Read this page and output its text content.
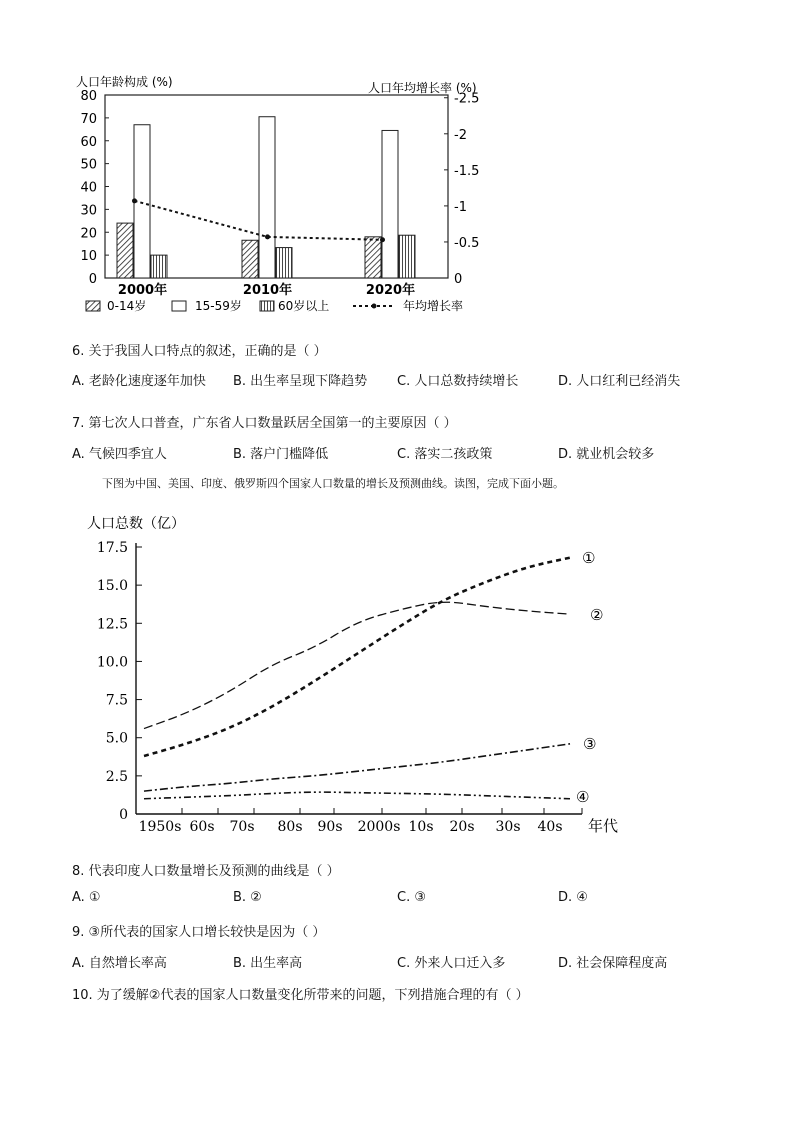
人口年龄构成 (%)	人口年均增长率 (%)
80
70
60
50
40
30
20
10
0
-2.5
-2
-1.5
-1
-0.5
0
2000年	2010年	2020年
0-14岁	15-59岁	60岁以上	年均增长率
6. 关于我国人口特点的叙述，正确的是（ ）
A. 老龄化速度逐年加快 B. 出生率呈现下降趋势 C. 人口总数持续增长	D. 人口红利已经消失
7. 第七次人口普查，广东省人口数量跃居全国第一的主要原因（ ）
A. 气候四季宜人	B. 落户门槛降低	C. 落实二孩政策	D. 就业机会较多
下图为中国、美国、印度、俄罗斯四个国家人口数量的增长及预测曲线。读图，完成下面小题。
人口总数（亿）
17.5
15.0
12.5
10.0
7.5
5.0
2.5
0
1950s 60s 70s 80s 90s 2000s 10s 20s 30s 40s 年代
①
②
③
④
8. 代表印度人口数量增长及预测的曲线是（ ）
A. ①	B. ②	C. ③	D. ④
9. ③所代表的国家人口增长较快是因为（ ）
A. 自然增长率高	B. 出生率高	C. 外来人口迁入多	D. 社会保障程度高
10. 为了缓解②代表的国家人口数量变化所带来的问题，下列措施合理的有（ ）
